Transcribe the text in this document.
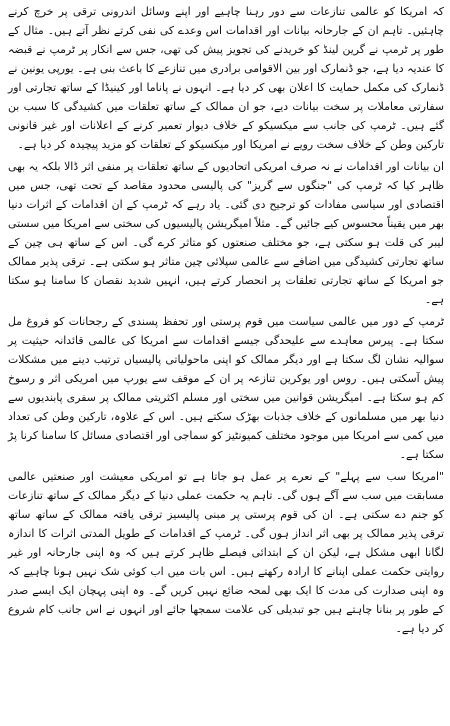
کہ امریکا کو عالمی تنازعات سے دور رہنا چاہیے اور اپنے وسائل اندرونی ترقی پر خرچ کرنے چاہئیں۔ تاہم ان کے جارحانہ بیانات اور اقدامات اس وعدے کی نفی کرتے نظر آتے ہیں۔ مثال کے طور پر ٹرمپ نے گرین لینڈ کو خریدنے کی تجویز پیش کی تھی، جس سے انکار پر ٹرمپ نے قبضہ کا عندیہ دیا ہے، جو ڈنمارک اور بین الاقوامی برادری میں تنازعے کا باعث بنی ہے۔ یورپی یونین نے ڈنمارک کی مکمل حمایت کا اعلان بھی کر دیا ہے۔ انہوں نے پاناما اور کینیڈا کے ساتھ تجارتی اور سفارتی معاملات پر سخت بیانات دیے، جو ان ممالک کے ساتھ تعلقات میں کشیدگی کا سبب بن گئے ہیں۔ ٹرمپ کی جانب سے میکسیکو کے خلاف دیوار تعمیر کرنے کے اعلانات اور غیر قانونی تارکین وطن کے خلاف سخت رویے نے امریکا اور میکسیکو کے تعلقات کو مزید پیچیدہ کر دیا ہے۔

ان بیانات اور اقدامات نے نہ صرف امریکی اتحادیوں کے ساتھ تعلقات پر منفی اثر ڈالا بلکہ یہ بھی ظاہر کیا کہ ٹرمپ کی "جنگوں سے گریز" کی پالیسی محدود مقاصد کے تحت تھی، جس میں اقتصادی اور سیاسی مفادات کو ترجیح دی گئی۔ یاد رہے کہ ٹرمپ کے ان اقدامات کے اثرات دنیا بھر میں یقیناً محسوس کیے جائیں گے۔ مثلاً امیگریشن پالیسیوں کی سختی سے امریکا میں سستی لیبر کی قلت ہو سکتی ہے، جو مختلف صنعتوں کو متاثر کرے گی۔ اس کے ساتھ ہی چین کے ساتھ تجارتی کشیدگی میں اضافے سے عالمی سپلائی چین متاثر ہو سکتی ہے۔ ترقی پذیر ممالک جو امریکا کے ساتھ تجارتی تعلقات پر انحصار کرتے ہیں، انہیں شدید نقصان کا سامنا ہو سکتا ہے۔

ٹرمپ کے دور میں عالمی سیاست میں قوم پرستی اور تحفظ پسندی کے رجحانات کو فروغ مل سکتا ہے۔ پیرس معاہدے سے علیحدگی جیسے اقدامات سے امریکا کی عالمی قائدانہ حیثیت پر سوالیہ نشان لگ سکتا ہے اور دیگر ممالک کو اپنی ماحولیاتی پالیسیاں ترتیب دینے میں مشکلات پیش آسکتی ہیں۔ روس اور یوکرین تنازعہ پر ان کے موقف سے یورپ میں امریکی اثر و رسوخ کم ہو سکتا ہے۔ امیگریشن قوانین میں سختی اور مسلم اکثریتی ممالک پر سفری پابندیوں سے دنیا بھر میں مسلمانوں کے خلاف جذبات بھڑک سکتے ہیں۔ اس کے علاوہ، تارکین وطن کی تعداد میں کمی سے امریکا میں موجود مختلف کمیونٹیز کو سماجی اور اقتصادی مسائل کا سامنا کرنا پڑ سکتا ہے۔

"امریکا سب سے پہلے" کے نعرے پر عمل ہو جاتا ہے تو امریکی معیشت اور صنعتیں عالمی مسابقت میں سب سے آگے ہوں گی۔ تاہم یہ حکمت عملی دنیا کے دیگر ممالک کے ساتھ تنازعات کو جنم دے سکتی ہے۔ ان کی قوم پرستی پر مبنی پالیسیز ترقی یافتہ ممالک کے ساتھ ساتھ ترقی پذیر ممالک پر بھی اثر انداز ہوں گی۔ ٹرمپ کے اقدامات کے طویل المدتی اثرات کا اندازہ لگانا ابھی مشکل ہے، لیکن ان کے ابتدائی فیصلے ظاہر کرتے ہیں کہ وہ اپنی جارحانہ اور غیر روایتی حکمت عملی اپنانے کا ارادہ رکھتے ہیں۔ اس بات میں اب کوئی شک نہیں ہونا چاہیے کہ وہ اپنی صدارت کی مدت کا ایک بھی لمحہ ضائع نہیں کریں گے۔ وہ اپنی پہچان ایک ایسے صدر کے طور پر بنانا چاہتے ہیں جو تبدیلی کی علامت سمجھا جائے اور انہوں نے اس جانب کام شروع کر دیا ہے۔
